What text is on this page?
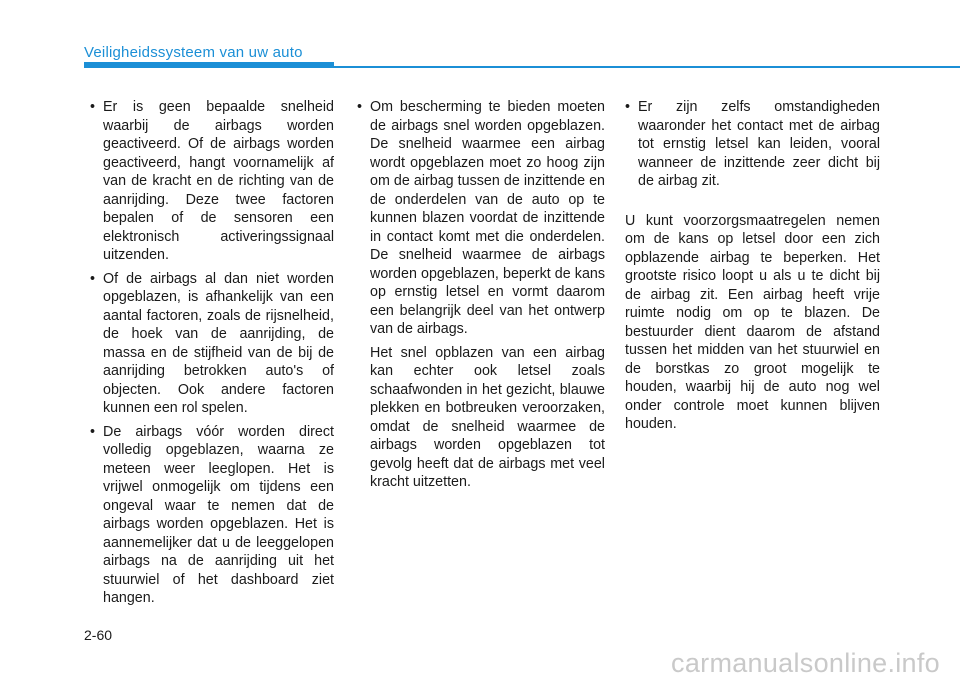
Veiligheidssysteem van uw auto

• Er is geen bepaalde snelheid waarbij de airbags worden geactiveerd. Of de airbags worden geactiveerd, hangt voornamelijk af van de kracht en de richting van de aanrijding. Deze twee factoren bepalen of de sensoren een elektronisch activeringssignaal uitzenden.

• Of de airbags al dan niet worden opgeblazen, is afhankelijk van een aantal factoren, zoals de rijsnelheid, de hoek van de aanrijding, de massa en de stijfheid van de bij de aanrijding betrokken auto's of objecten. Ook andere factoren kunnen een rol spelen.

• De airbags vóór worden direct volledig opgeblazen, waarna ze meteen weer leeglopen. Het is vrijwel onmogelijk om tijdens een ongeval waar te nemen dat de airbags worden opgeblazen. Het is aannemelijker dat u de leeggelopen airbags na de aanrijding uit het stuurwiel of het dashboard ziet hangen.

• Om bescherming te bieden moeten de airbags snel worden opgeblazen. De snelheid waarmee een airbag wordt opgeblazen moet zo hoog zijn om de airbag tussen de inzittende en de onderdelen van de auto op te kunnen blazen voordat de inzittende in contact komt met die onderdelen. De snelheid waarmee de airbags worden opgeblazen, beperkt de kans op ernstig letsel en vormt daarom een belangrijk deel van het ontwerp van de airbags.

Het snel opblazen van een airbag kan echter ook letsel zoals schaafwonden in het gezicht, blauwe plekken en botbreuken veroorzaken, omdat de snelheid waarmee de airbags worden opgeblazen tot gevolg heeft dat de airbags met veel kracht uitzetten.

• Er zijn zelfs omstandigheden waaronder het contact met de airbag tot ernstig letsel kan leiden, vooral wanneer de inzittende zeer dicht bij de airbag zit.

U kunt voorzorgsmaatregelen nemen om de kans op letsel door een zich opblazende airbag te beperken. Het grootste risico loopt u als u te dicht bij de airbag zit. Een airbag heeft vrije ruimte nodig om op te blazen. De bestuurder dient daarom de afstand tussen het midden van het stuurwiel en de borstkas zo groot mogelijk te houden, waarbij hij de auto nog wel onder controle moet kunnen blijven houden.

2-60
carmanualsonline.info
